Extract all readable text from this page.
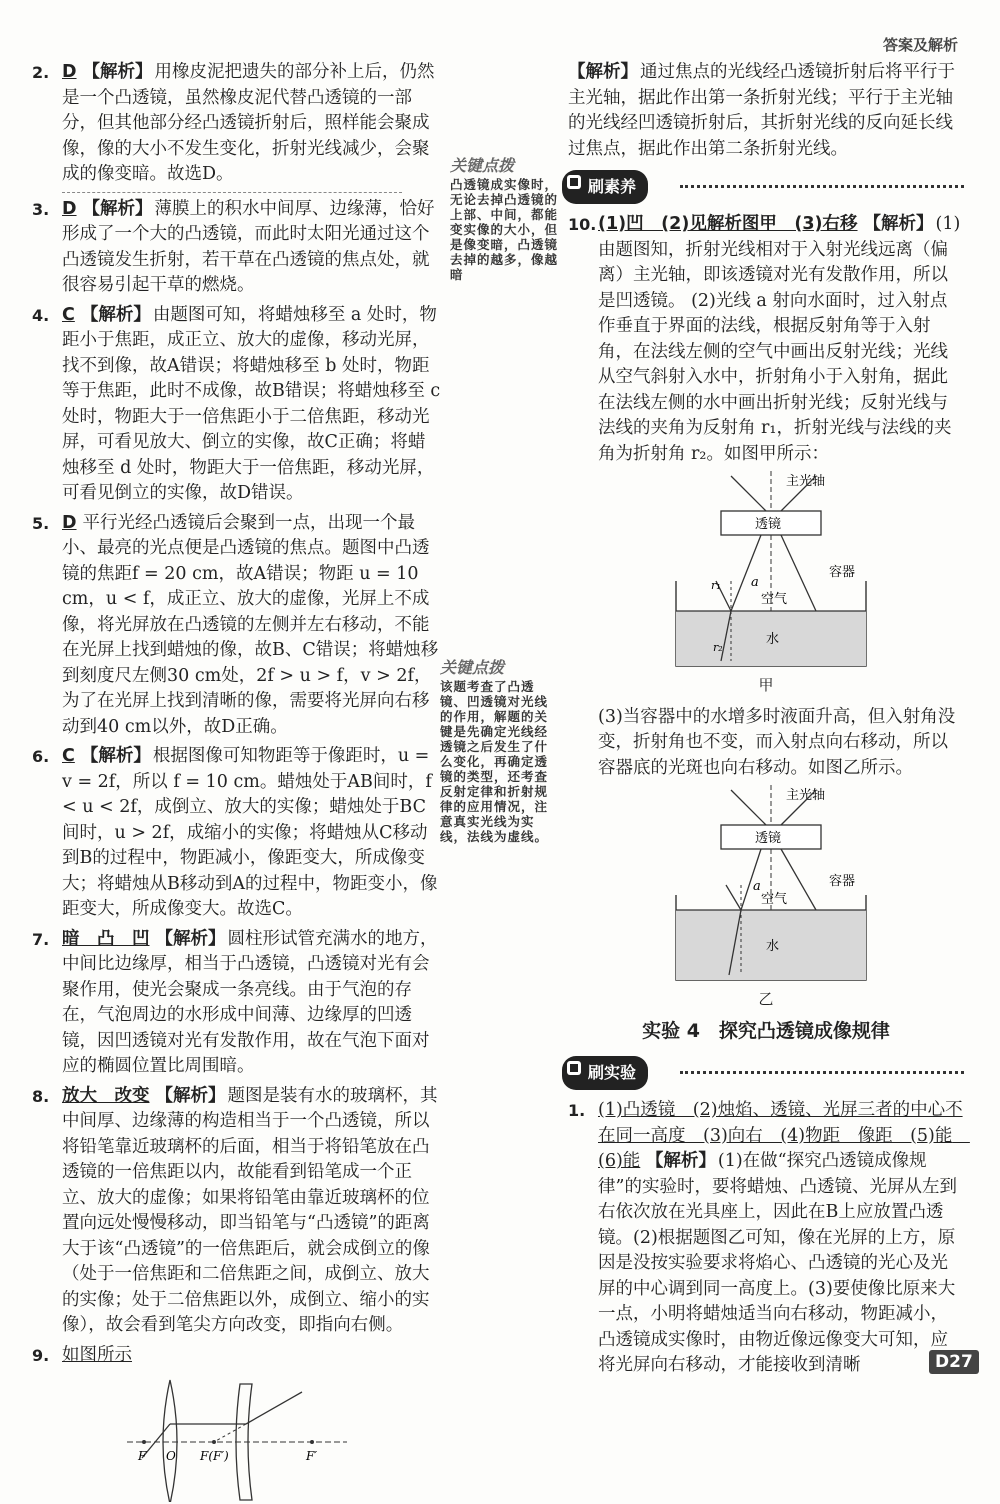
答案及解析
2. D 【解析】 用橡皮泥把遗失的部分补上后，仍然是一个凸透镜，虽然橡皮泥代替凸透镜的一部分，但其他部分经凸透镜折射后，照样能会聚成像，像的大小不发生变化，折射光线减少，会聚成的像变暗。故选D。
3. D 【解析】 薄膜上的积水中间厚、边缘薄，恰好形成了一个大的凸透镜，而此时太阳光通过这个凸透镜发生折射，若干草在凸透镜的焦点处，就很容易引起干草的燃烧。
4. C 【解析】 由题图可知，将蜡烛移至 a 处时，物距小于焦距，成正立、放大的虚像，移动光屏，找不到像，故A错误；将蜡烛移至 b 处时，物距等于焦距，此时不成像，故B错误；将蜡烛移至 c 处时，物距大于一倍焦距小于二倍焦距，移动光屏，可看见放大、倒立的实像，故C正确；将蜡烛移至 d 处时，物距大于一倍焦距，移动光屏，可看见倒立的实像，故D错误。
5. D 平行光经凸透镜后会聚到一点，出现一个最小、最亮的光点便是凸透镜的焦点。题图中凸透镜的焦距f = 20 cm，故A错误；物距 u = 10 cm，u < f，成正立、放大的虚像，光屏上不成像，将光屏放在凸透镜的左侧并左右移动，不能在光屏上找到蜡烛的像，故B、C错误；将蜡烛移到刻度尺左侧30 cm处，2f > u > f，v > 2f，为了在光屏上找到清晰的像，需要将光屏向右移动到40 cm以外，故D正确。
6. C 【解析】 根据图像可知物距等于像距时，u = v = 2f，所以 f = 10 cm。蜡烛处于AB间时，f < u < 2f，成倒立、放大的实像；蜡烛处于BC间时，u > 2f，成缩小的实像；将蜡烛从C移动到B的过程中，物距减小，像距变大，所成像变大；将蜡烛从B移动到A的过程中，物距变小，像距变大，所成像变大。故选C。
7. 暗　凸　凹 【解析】 圆柱形试管充满水的地方，中间比边缘厚，相当于凸透镜，凸透镜对光有会聚作用，使光会聚成一条亮线。由于气泡的存在，气泡周边的水形成中间薄、边缘厚的凹透镜，因凹透镜对光有发散作用，故在气泡下面对应的椭圆位置比周围暗。
8. 放大　改变 【解析】 题图是装有水的玻璃杯，其中间厚、边缘薄的构造相当于一个凸透镜，所以将铅笔靠近玻璃杯的后面，相当于将铅笔放在凸透镜的一倍焦距以内，故能看到铅笔成一个正立、放大的虚像；如果将铅笔由靠近玻璃杯的位置向远处慢慢移动，即当铅笔与“凸透镜”的距离大于该“凸透镜”的一倍焦距后，就会成倒立的像（处于一倍焦距和二倍焦距之间，成倒立、放大的实像；处于二倍焦距以外，成倒立、缩小的实像），故会看到笔尖方向改变，即指向右侧。
9. 如图所示
F O F(F′)	F′
关键点拨
凸透镜成实像时，无论去掉凸透镜的上部、中间，都能变实像的大小，但是像变暗，凸透镜去掉的越多，像越暗
关键点拨
该题考查了凸透镜、凹透镜对光线的作用，解题的关键是先确定光线经透镜之后发生了什么变化，再确定透镜的类型，还考查反射定律和折射规律的应用情况，注意真实光线为实线，法线为虚线。
【解析】 通过焦点的光线经凸透镜折射后将平行于主光轴，据此作出第一条折射光线；平行于主光轴的光线经凹透镜折射后，其折射光线的反向延长线过焦点，据此作出第二条折射光线。
刷素养
10. (1)凹　(2)见解析图甲　(3)右移 【解析】 (1)由题图知，折射光线相对于入射光线远离（偏离）主光轴，即该透镜对光有发散作用，所以是凹透镜。 (2)光线 a 射向水面时，过入射点作垂直于界面的法线，根据反射角等于入射角，在法线左侧的空气中画出反射光线；光线从空气斜射入水中，折射角小于入射角，据此在法线左侧的水中画出折射光线；反射光线与法线的夹角为反射角 r₁，折射光线与法线的夹角为折射角 r₂。如图甲所示：
主光轴
透镜
a
容器
空气
水
r₁
r₂
甲
(3)当容器中的水增多时液面升高，但入射角没变，折射角也不变，而入射点向右移动，所以容器底的光斑也向右移动。如图乙所示。
主光轴
透镜
a	容器
空气
水
乙
实验 4　探究凸透镜成像规律
刷实验
1. (1)凸透镜　(2)烛焰、透镜、光屏三者的中心不在同一高度　(3)向右　(4)物距　像距　(5)能　(6)能 【解析】 (1)在做“探究凸透镜成像规律”的实验时，要将蜡烛、凸透镜、光屏从左到右依次放在光具座上，因此在B上应放置凸透镜。(2)根据题图乙可知，像在光屏的上方，原因是没按实验要求将焰心、凸透镜的光心及光屏的中心调到同一高度上。(3)要使像比原来大一点，小明将蜡烛适当向右移动，物距减小，凸透镜成实像时，由物近像远像变大可知，应将光屏向右移动，才能接收到清晰	D27
